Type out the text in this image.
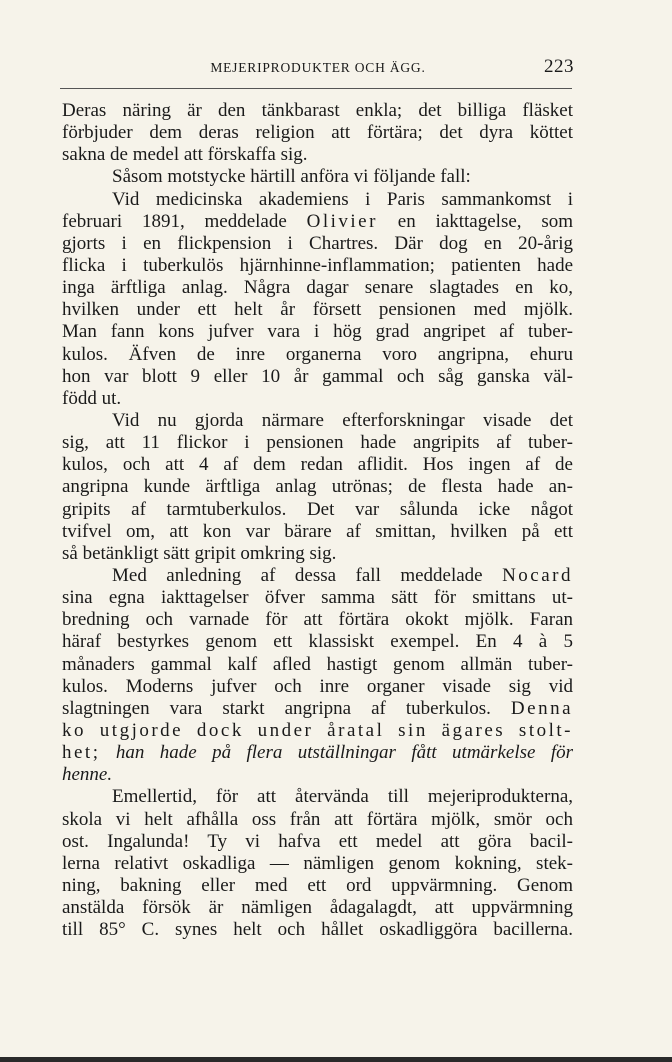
MEJERIPRODUKTER OCH ÄGG.	223
Deras näring är den tänkbarast enkla; det billiga fläsket
förbjuder dem deras religion att förtära; det dyra köttet
sakna de medel att förskaffa sig.
Såsom motstycke härtill anföra vi följande fall:
Vid medicinska akademiens i Paris sammankomst i
februari 1891, meddelade Olivier en iakttagelse, som
gjorts i en flickpension i Chartres. Där dog en 20-årig
flicka i tuberkulös hjärnhinne-inflammation; patienten hade
inga ärftliga anlag. Några dagar senare slagtades en ko,
hvilken under ett helt år försett pensionen med mjölk.
Man fann kons jufver vara i hög grad angripet af tuber-
kulos. Äfven de inre organerna voro angripna, ehuru
hon var blott 9 eller 10 år gammal och såg ganska väl-
född ut.
Vid nu gjorda närmare efterforskningar visade det
sig, att 11 flickor i pensionen hade angripits af tuber-
kulos, och att 4 af dem redan aflidit. Hos ingen af de
angripna kunde ärftliga anlag utrönas; de flesta hade an-
gripits af tarmtuberkulos. Det var sålunda icke något
tvifvel om, att kon var bärare af smittan, hvilken på ett
så betänkligt sätt gripit omkring sig.
Med anledning af dessa fall meddelade Nocard
sina egna iakttagelser öfver samma sätt för smittans ut-
bredning och varnade för att förtära okokt mjölk. Faran
häraf bestyrkes genom ett klassiskt exempel. En 4 à 5
månaders gammal kalf afled hastigt genom allmän tuber-
kulos. Moderns jufver och inre organer visade sig vid
slagtningen vara starkt angripna af tuberkulos. Denna
ko utgjorde dock under åratal sin ägares stolt-
het; han hade på flera utställningar fått utmärkelse för
henne.
Emellertid, för att återvända till mejeriprodukterna,
skola vi helt afhålla oss från att förtära mjölk, smör och
ost. Ingalunda! Ty vi hafva ett medel att göra bacil-
lerna relativt oskadliga — nämligen genom kokning, stek-
ning, bakning eller med ett ord uppvärmning. Genom
anstälda försök är nämligen ådagalagdt, att uppvärmning
till 85° C. synes helt och hållet oskadliggöra bacillerna.
